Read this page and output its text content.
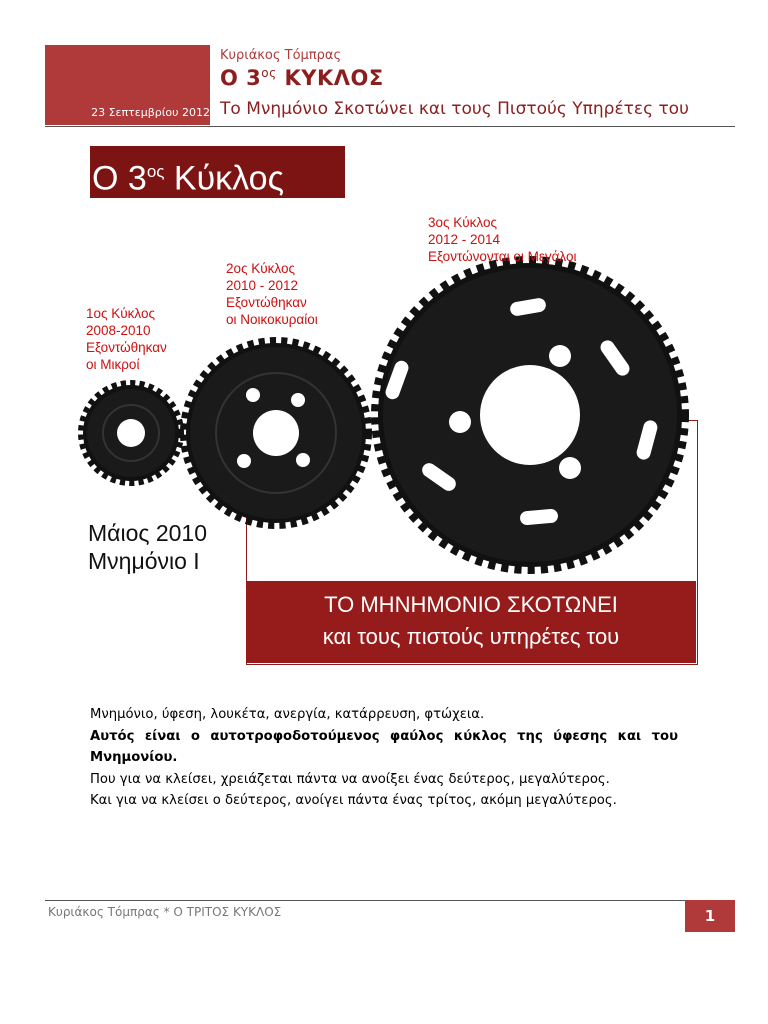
23 Σεπτεμβρίου 2012
Κυριάκος Τόμπρας
Ο $3^{o\varsigma}$ ΚΥΚΛΟΣ
Το Μνημόνιο Σκοτώνει και τους Πιστούς Υπηρέτες του
Ο $3^{o\varsigma}$ Κύκλος
1ος Κύκλος
2008-2010
Εξοντώθηκαν
οι Μικροί
2ος Κύκλος
2010 - 2012
Εξοντώθηκαν
οι Νοικοκυραίοι
3ος Κύκλος
2012 - 2014
Εξοντώνονται οι Μεγάλοι
Μάιος 2010
Μνημόνιο Ι
ΤΟ ΜΗΝΗΜΟΝΙΟ ΣΚΟΤΩΝΕΙ
και τους πιστούς υπηρέτες του

Μνημόνιο, ύφεση, λουκέτα, ανεργία, κατάρρευση, φτώχεια.

Αυτός είναι ο αυτοτροφοδοτούμενος φαύλος κύκλος της ύφεσης και του Μνημονίου.

Που για να κλείσει, χρειάζεται πάντα να ανοίξει ένας δεύτερος, μεγαλύτερος.

Και για να κλείσει ο δεύτερος, ανοίγει πάντα ένας τρίτος, ακόμη μεγαλύτερος.

Κυριάκος Τόμπρας * Ο ΤΡΙΤΟΣ ΚΥΚΛΟΣ	1
